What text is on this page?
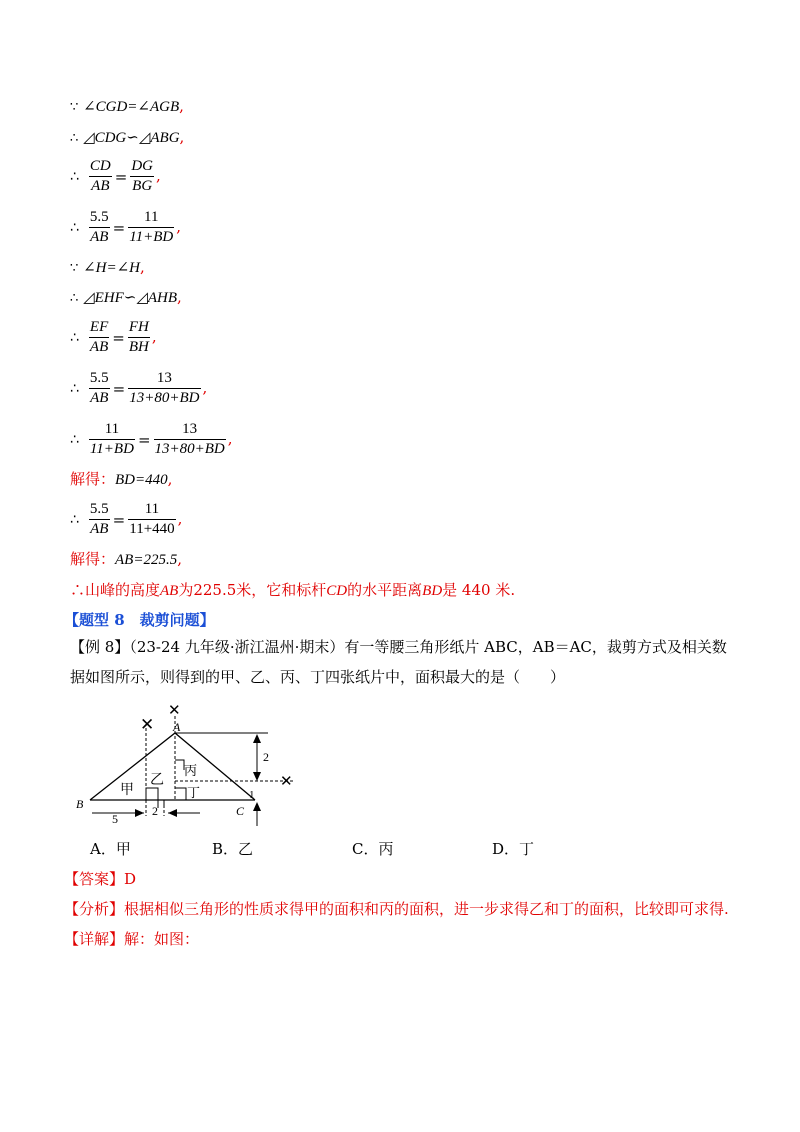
∵ ∠CGD=∠AGB,
∴ ◿CDG∽◿ABG,
∴ $\frac{CD}{AB} = \frac{DG}{BG}$ ,
∴ $\frac{5.5}{AB} = \frac{11}{11+BD}$ ,
∵ ∠H=∠H,
∴ ◿EHF∽◿AHB,
∴ $\frac{EF}{AB} = \frac{FH}{BH}$ ,
∴ $\frac{5.5}{AB} = \frac{13}{13+80+BD}$ ,
∴ $\frac{11}{11+BD} = \frac{13}{13+80+BD}$ ,
解得：BD=440,
∴ $\frac{5.5}{AB} = \frac{11}{11+440}$ ,
解得：AB=225.5,
∴山峰的高度AB为225.5米，它和标杆CD的水平距离BD是 440 米.
【题型 8　裁剪问题】
【例 8】（23-24 九年级·浙江温州·期末）有一等腰三角形纸片 ABC，AB＝AC，裁剪方式及相关数据如图所示，则得到的甲、乙、丙、丁四张纸片中，面积最大的是（　　）
✕
✕
✕
A
B	C
甲
乙
丙
丁
2
2
5
1
A．甲	B．乙	C．丙	D．丁
【答案】D
【分析】根据相似三角形的性质求得甲的面积和丙的面积，进一步求得乙和丁的面积，比较即可求得.
【详解】解：如图：
